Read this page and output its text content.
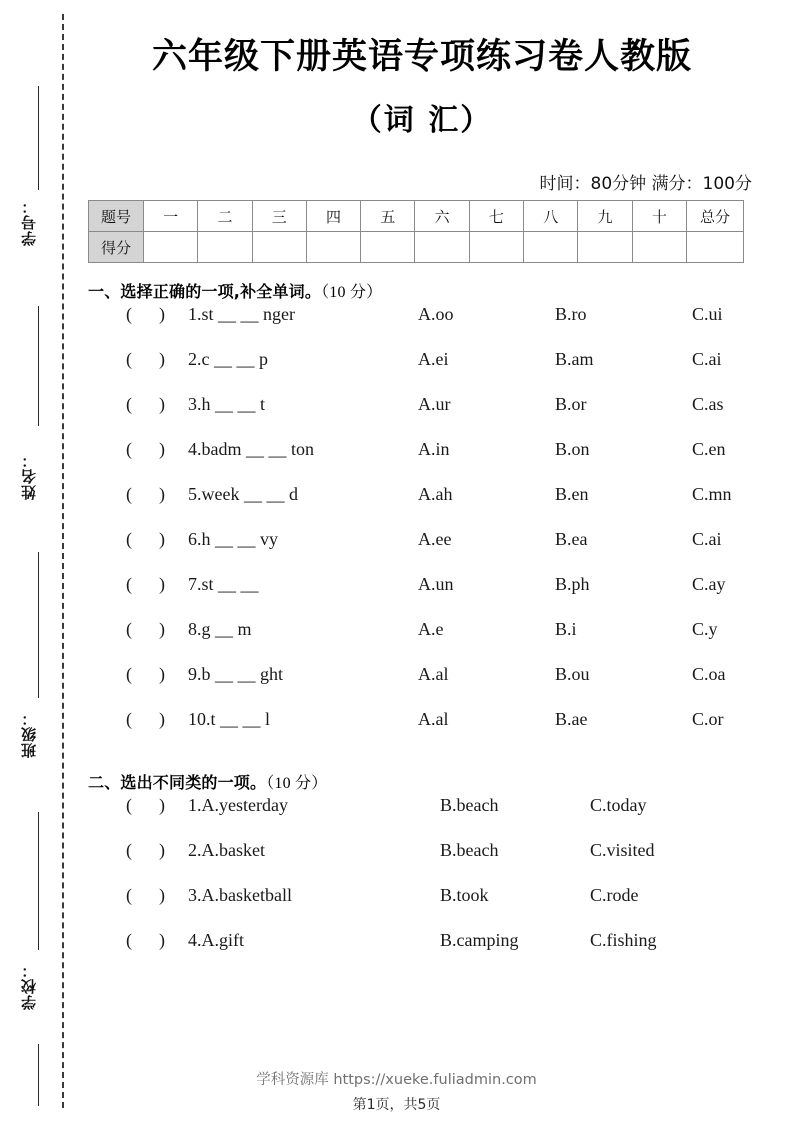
学号：
姓名：
班级：
学校：
六年级下册英语专项练习卷人教版
（词 汇）
时间：80分钟 满分：100分
题号	一	二	三	四	五	六	七	八	九	十	总分
得分											
一、选择正确的一项,补全单词。（10 分）
(      )	1.st __ __ nger	A.oo	B.ro	C.ui
(      )	2.c __ __ p	A.ei	B.am	C.ai
(      )	3.h __ __ t	A.ur	B.or	C.as
(      )	4.badm __ __ ton	A.in	B.on	C.en
(      )	5.week __ __ d	A.ah	B.en	C.mn
(      )	6.h __ __ vy	A.ee	B.ea	C.ai
(      )	7.st __ __	A.un	B.ph	C.ay
(      )	8.g __ m	A.e	B.i	C.y
(      )	9.b __ __ ght	A.al	B.ou	C.oa
(      )	10.t __ __ l	A.al	B.ae	C.or
二、选出不同类的一项。（10 分）
(      )	1.A.yesterday	B.beach	C.today
(      )	2.A.basket	B.beach	C.visited
(      )	3.A.basketball	B.took	C.rode
(      )	4.A.gift	B.camping	C.fishing
学科资源库 https://xueke.fuliadmin.com
第1页，共5页
